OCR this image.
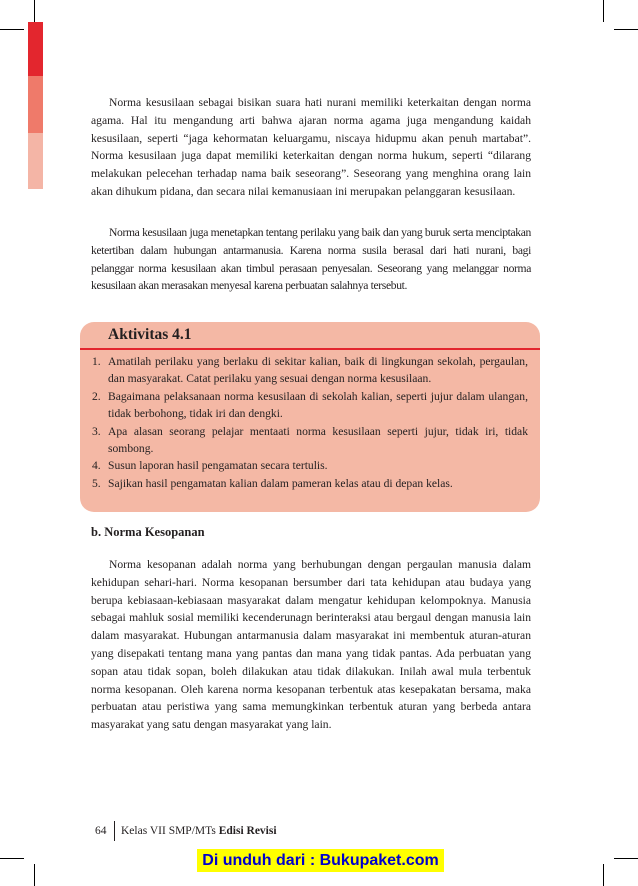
Norma kesusilaan sebagai bisikan suara hati nurani memiliki keterkaitan dengan norma agama. Hal itu mengandung arti bahwa ajaran norma agama juga mengandung kaidah kesusilaan, seperti “jaga kehormatan keluargamu, niscaya hidupmu akan penuh martabat”. Norma kesusilaan juga dapat memiliki keterkaitan dengan norma hukum, seperti “dilarang melakukan pelecehan terhadap nama baik seseorang”. Seseorang yang menghina orang lain akan dihukum pidana, dan secara nilai kemanusiaan ini merupakan pelanggaran kesusilaan.
Norma kesusilaan juga menetapkan tentang perilaku yang baik dan yang buruk serta menciptakan ketertiban dalam hubungan antarmanusia. Karena norma susila berasal dari hati nurani, bagi pelanggar norma kesusilaan akan timbul perasaan penyesalan. Seseorang yang melanggar norma kesusilaan akan merasakan menyesal karena perbuatan salahnya tersebut.
Aktivitas 4.1
1. Amatilah perilaku yang berlaku di sekitar kalian, baik di lingkungan sekolah, pergaulan, dan masyarakat. Catat perilaku yang sesuai dengan norma kesusilaan.
2. Bagaimana pelaksanaan norma kesusilaan di sekolah kalian, seperti jujur dalam ulangan, tidak berbohong, tidak iri dan dengki.
3. Apa alasan seorang pelajar mentaati norma kesusilaan seperti jujur, tidak iri, tidak sombong.
4. Susun laporan hasil pengamatan secara tertulis.
5. Sajikan hasil pengamatan kalian dalam pameran kelas atau di depan kelas.
b. Norma Kesopanan
Norma kesopanan adalah norma yang berhubungan dengan pergaulan manusia dalam kehidupan sehari-hari. Norma kesopanan bersumber dari tata kehidupan atau budaya yang berupa kebiasaan-kebiasaan masyarakat dalam mengatur kehidupan kelompoknya. Manusia sebagai mahluk sosial memiliki kecenderunagn berinteraksi atau bergaul dengan manusia lain dalam masyarakat. Hubungan antarmanusia dalam masyarakat ini membentuk aturan-aturan yang disepakati tentang mana yang pantas dan mana yang tidak pantas. Ada perbuatan yang sopan atau tidak sopan, boleh dilakukan atau tidak dilakukan. Inilah awal mula terbentuk norma kesopanan. Oleh karena norma kesopanan terbentuk atas kesepakatan bersama, maka perbuatan atau peristiwa yang sama memungkinkan terbentuk aturan yang berbeda antara masyarakat yang satu dengan masyarakat yang lain.
64 Kelas VII SMP/MTs Edisi Revisi
Di unduh dari : Bukupaket.com
